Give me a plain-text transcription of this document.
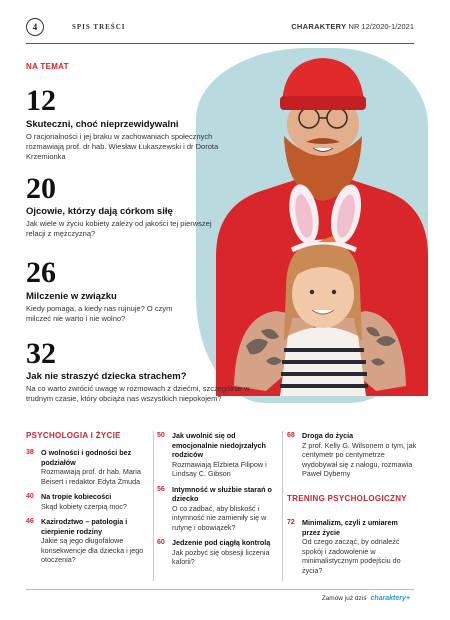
4	SPIS TREŚCI	CHARAKTERY NR 12/2020-1/2021
NA TEMAT
12
Skuteczni, choć nieprzewidywalni
O racjonalności i jej braku w zachowaniach społecznych rozmawiają prof. dr hab. Wiesław Łukaszewski i dr Dorota Krzemionka
20
Ojcowie, którzy dają córkom siłę
Jak wiele w życiu kobiety zależy od jakości tej pierwszej relacji z mężczyzną?
26
Milczenie w związku
Kiedy pomaga, a kiedy nas rujnuje? O czym milczeć nie warto i nie wolno?
32
Jak nie straszyć dziecka strachem?
Na co warto zwrócić uwagę w rozmowach z dziećmi, szczególnie w trudnym czasie, który obciąża nas wszystkich niepokojem?
PSYCHOLOGIA I ŻYCIE
38	O wolności i godności bez podziałów
Rozmawiają prof. dr hab. Maria Beisert i redaktor Edyta Żmuda
40	Na tropie kobiecości
Skąd kobiety czerpią moc?
46	Kazirodztwo – patologia i cierpienie rodziny
Jakie są jego długofalowe konsekwencje dla dziecka i jego otoczenia?
50	Jak uwolnić się od emocjonalnie niedojrzałych rodziców
Rozmawiają Elżbieta Filipow i Lindsay C. Gibson
56	Intymność w służbie starań o dziecko
O co zadbać, aby bliskość i intymność nie zamieniły się w rutynę i obowiązek?
60	Jedzenie pod ciągłą kontrolą
Jak pozbyć się obsesji liczenia kalorii?
68	Droga do życia
Z prof. Kelly G. Wilsonem o tym, jak centymetr po centymetrze wydobywał się z nałogu, rozmawia Paweł Dyberny
TRENING PSYCHOLOGICZNY
72	Minimalizm, czyli z umiarem przez życie
Od czego zacząć, by odnaleźć spokój i zadowolenie w minimalistycznym podejściu do życia?
Zamów już dziś charaktery+
